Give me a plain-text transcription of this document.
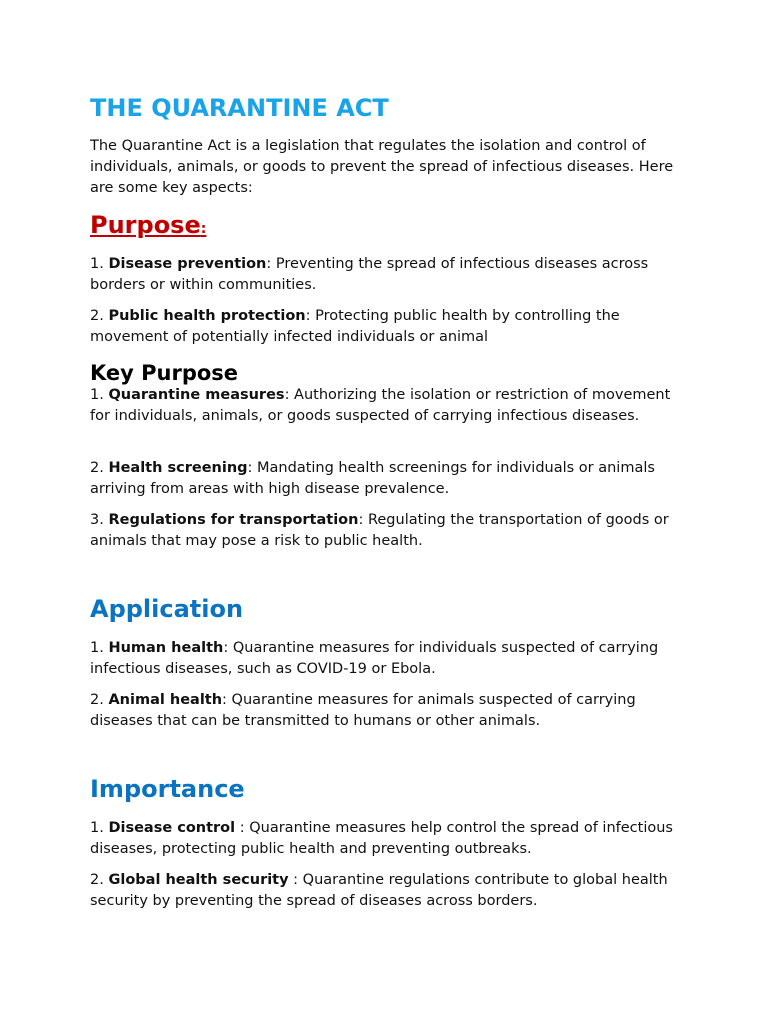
THE QUARANTINE ACT

The Quarantine Act is a legislation that regulates the isolation and control of individuals, animals, or goods to prevent the spread of infectious diseases. Here are some key aspects:

Purpose:

1. Disease prevention: Preventing the spread of infectious diseases across borders or within communities.

2. Public health protection: Protecting public health by controlling the movement of potentially infected individuals or animal

Key Purpose

1. Quarantine measures: Authorizing the isolation or restriction of movement for individuals, animals, or goods suspected of carrying infectious diseases.

2. Health screening: Mandating health screenings for individuals or animals arriving from areas with high disease prevalence.

3. Regulations for transportation: Regulating the transportation of goods or animals that may pose a risk to public health.

Application

1. Human health: Quarantine measures for individuals suspected of carrying infectious diseases, such as COVID-19 or Ebola.

2. Animal health: Quarantine measures for animals suspected of carrying diseases that can be transmitted to humans or other animals.

Importance

1. Disease control : Quarantine measures help control the spread of infectious diseases, protecting public health and preventing outbreaks.

2. Global health security : Quarantine regulations contribute to global health security by preventing the spread of diseases across borders.
